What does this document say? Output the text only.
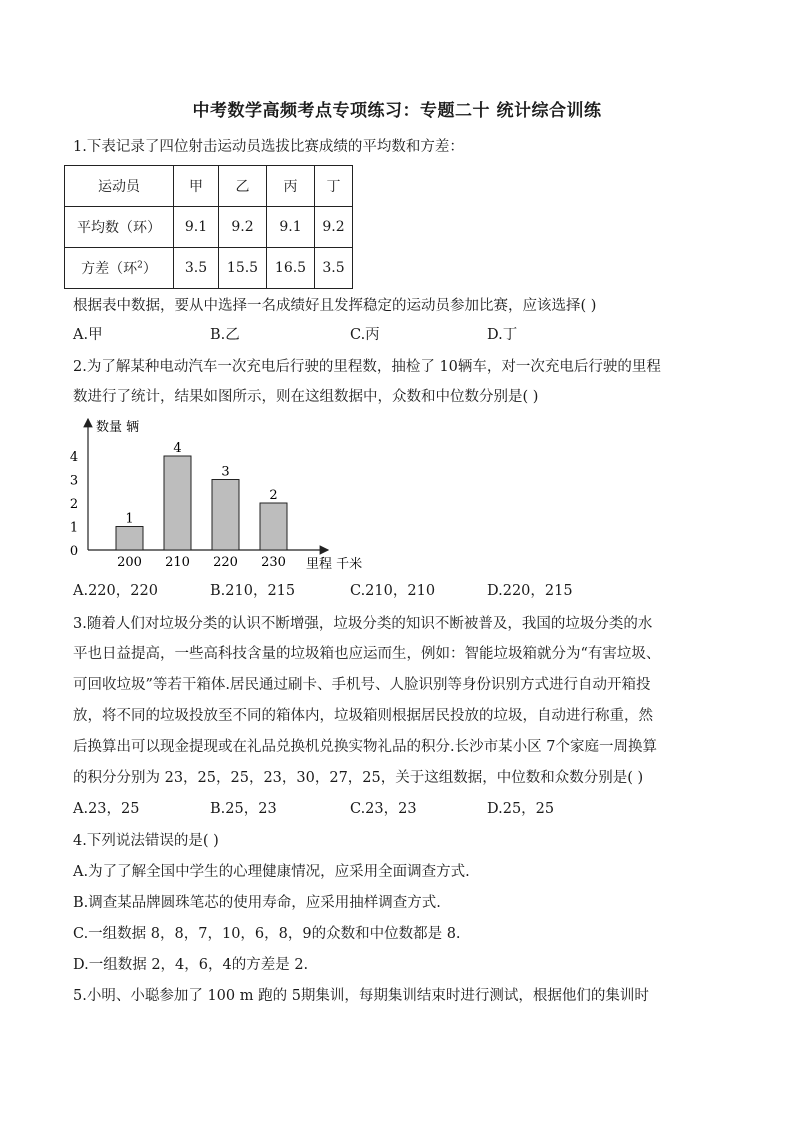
中考数学高频考点专项练习：专题二十 统计综合训练
1.下表记录了四位射击运动员选拔比赛成绩的平均数和方差：
运动员	甲	乙	丙	丁
平均数（环）	9.1	9.2	9.1	9.2
方差（环$^2$）	3.5	15.5	16.5	3.5
根据表中数据，要从中选择一名成绩好且发挥稳定的运动员参加比赛，应该选择( )
A.甲	B.乙	C.丙	D.丁
2.为了解某种电动汽车一次充电后行驶的里程数，抽检了 10辆车，对一次充电后行驶的里程
数进行了统计，结果如图所示，则在这组数据中，众数和中位数分别是( )
数量 辆
里程 千米
0
1
2
3
4
1
200
4
210
3
220
2
230
A.220，220	B.210，215	C.210，210	D.220，215
3.随着人们对垃圾分类的认识不断增强，垃圾分类的知识不断被普及，我国的垃圾分类的水
平也日益提高，一些高科技含量的垃圾箱也应运而生，例如：智能垃圾箱就分为“有害垃圾、
可回收垃圾”等若干箱体.居民通过刷卡、手机号、人脸识别等身份识别方式进行自动开箱投
放，将不同的垃圾投放至不同的箱体内，垃圾箱则根据居民投放的垃圾，自动进行称重，然
后换算出可以现金提现或在礼品兑换机兑换实物礼品的积分.长沙市某小区 7个家庭一周换算
的积分分别为 23，25，25，23，30，27，25，关于这组数据，中位数和众数分别是( )
A.23，25	B.25，23	C.23，23	D.25，25
4.下列说法错误的是( )
A.为了了解全国中学生的心理健康情况，应采用全面调查方式.
B.调查某品牌圆珠笔芯的使用寿命，应采用抽样调查方式.
C.一组数据 8，8，7，10，6，8，9的众数和中位数都是 8.
D.一组数据 2，4，6，4的方差是 2.
5.小明、小聪参加了 100 m 跑的 5期集训，每期集训结束时进行测试，根据他们的集训时
